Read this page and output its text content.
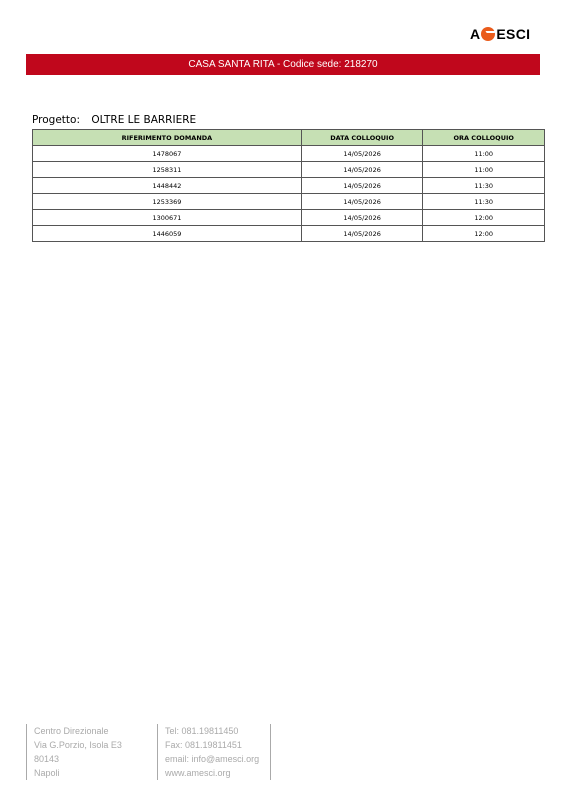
A ESCI
CASA SANTA RITA - Codice sede: 218270
Progetto: OLTRE LE BARRIERE
RIFERIMENTO DOMANDA	DATA COLLOQUIO	ORA COLLOQUIO
1478067	14/05/2026	11:00
1258311	14/05/2026	11:00
1448442	14/05/2026	11:30
1253369	14/05/2026	11:30
1300671	14/05/2026	12:00
1446059	14/05/2026	12:00
Centro Direzionale
Via G.Porzio, Isola E3
80143
Napoli
Tel: 081.19811450
Fax: 081.19811451
email: info@amesci.org
www.amesci.org
